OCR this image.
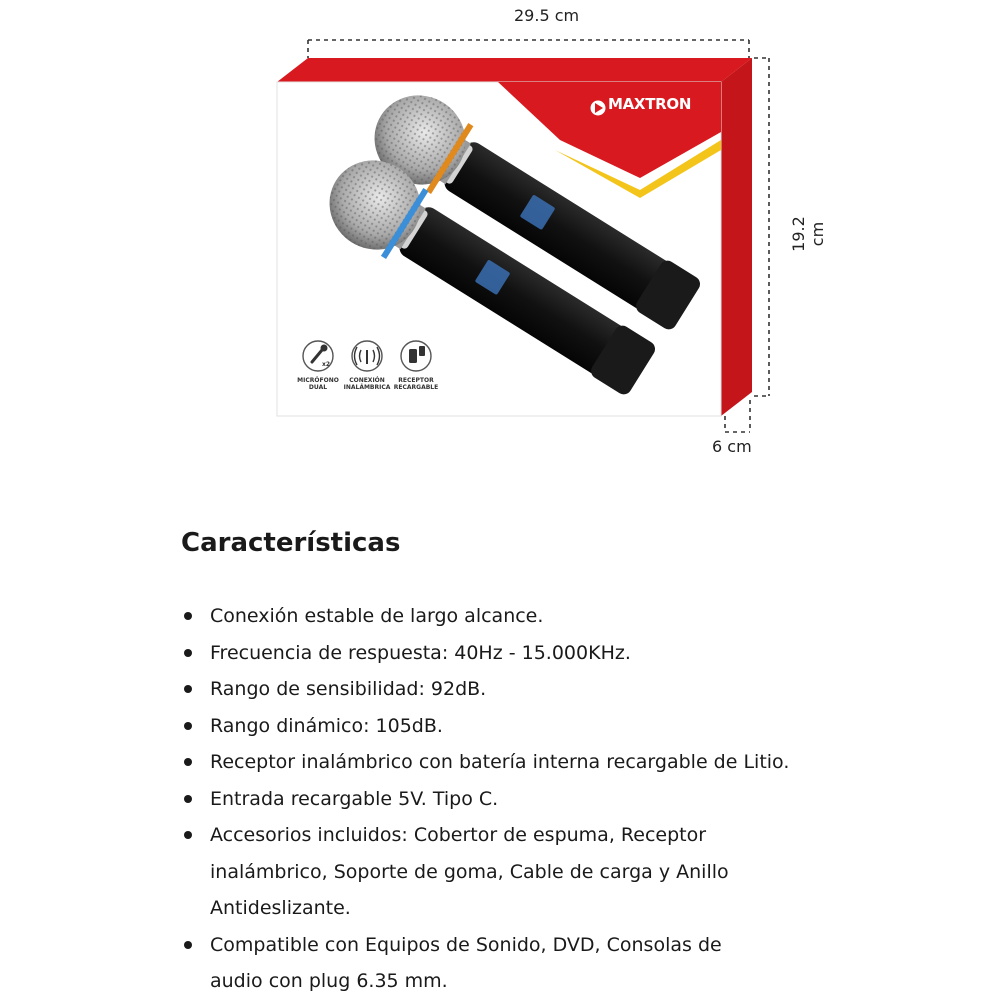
29.5 cm
19.2 cm
6 cm
MAXTRON
MICRÓFONO
DUAL
CONEXIÓN
INALÁMBRICA
RECEPTOR
RECARGABLE
x2
Características
Conexión estable de largo alcance.
Frecuencia de respuesta: 40Hz - 15.000KHz.
Rango de sensibilidad: 92dB.
Rango dinámico: 105dB.
Receptor inalámbrico con batería interna recargable de Litio.
Entrada recargable 5V. Tipo C.
Accesorios incluidos: Cobertor de espuma, Receptor inalámbrico, Soporte de goma, Cable de carga y Anillo Antideslizante.
Compatible con Equipos de Sonido, DVD, Consolas de audio con plug 6.35 mm.
